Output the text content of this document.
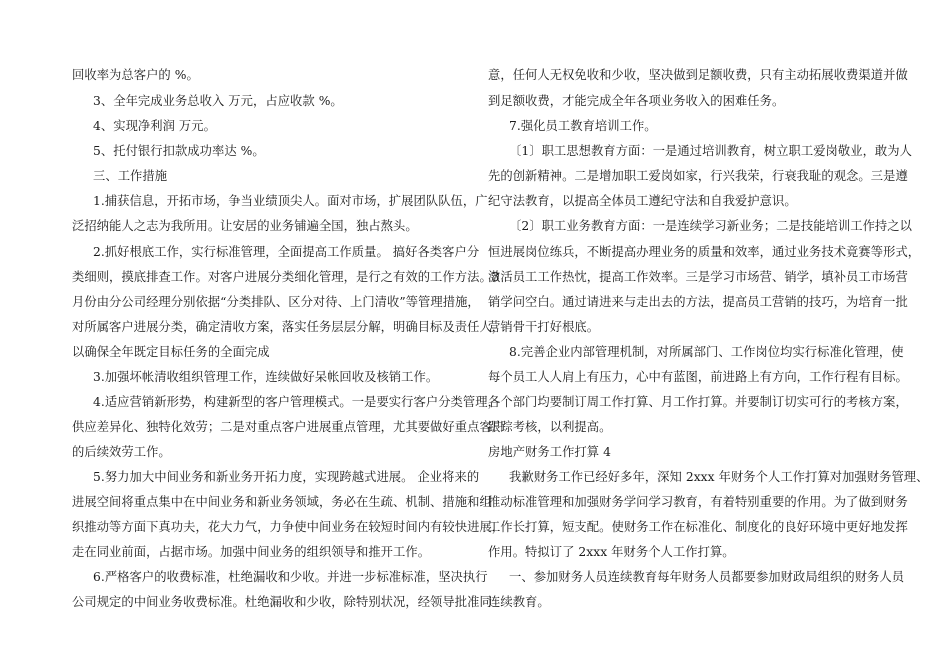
回收率为总客户的 %。
3、全年完成业务总收入 万元，占应收款 %。
4、实现净利润 万元。
5、托付银行扣款成功率达 %。
三、工作措施
1.捕获信息，开拓市场，争当业绩顶尖人。面对市场，扩展团队队伍，广
泛招纳能人之志为我所用。让安居的业务铺遍全国，独占熬头。
2.抓好根底工作，实行标准管理，全面提高工作质量。 搞好各类客户分
类细则，摸底排查工作。对客户进展分类细化管理，是行之有效的工作方法。3
月份由分公司经理分别依据“分类排队、区分对待、上门清收”等管理措施，
对所属客户进展分类，确定清收方案，落实任务层层分解，明确目标及责任人，
以确保全年既定目标任务的全面完成
3.加强坏帐清收组织管理工作，连续做好呆帐回收及核销工作。
4.适应营销新形势，构建新型的客户管理模式。一是要实行客户分类管理，
供应差异化、独特化效劳；二是对重点客户进展重点管理，尤其要做好重点客户
的后续效劳工作。
5.努力加大中间业务和新业务开拓力度，实现跨越式进展。 企业将来的
进展空间将重点集中在中间业务和新业务领域，务必在生疏、机制、措施和组
织推动等方面下真功夫，花大力气，力争使中间业务在较短时间内有较快进展，
走在同业前面，占据市场。加强中间业务的组织领导和推开工作。
6.严格客户的收费标准，杜绝漏收和少收。并进一步标准标准，坚决执行
公司规定的中间业务收费标准。杜绝漏收和少收，除特别状况，经领导批准同
意，任何人无权免收和少收，坚决做到足额收费，只有主动拓展收费渠道并做
到足额收费，才能完成全年各项业务收入的困难任务。
7.强化员工教育培训工作。
〔1〕职工思想教育方面：一是通过培训教育，树立职工爱岗敬业，敢为人
先的创新精神。二是增加职工爱岗如家，行兴我荣，行衰我耻的观念。三是遵
纪守法教育，以提高全体员工遵纪守法和自我爱护意识。
〔2〕职工业务教育方面：一是连续学习新业务；二是技能培训工作持之以
恒进展岗位练兵，不断提高办理业务的质量和效率，通过业务技术竟赛等形式，
激活员工工作热忱，提高工作效率。三是学习市场营、销学，填补员工市场营
销学问空白。通过请进来与走出去的方法，提高员工营销的技巧，为培育一批
营销骨干打好根底。
8.完善企业内部管理机制，对所属部门、工作岗位均实行标准化管理，使
每个员工人人肩上有压力，心中有蓝图，前进路上有方向，工作行程有目标。
各个部门均要制订周工作打算、月工作打算。并要制订切实可行的考核方案，
跟踪考核，以利提高。
房地产财务工作打算 4
我歉财务工作已经好多年，深知 2xxx 年财务个人工作打算对加强财务管理、
推动标准管理和加强财务学问学习教育，有着特别重要的作用。为了做到财务
工作长打算，短支配。使财务工作在标准化、制度化的良好环境中更好地发挥
作用。特拟订了 2xxx 年财务个人工作打算。
一、参加财务人员连续教育每年财务人员都要参加财政局组织的财务人员
连续教育。
